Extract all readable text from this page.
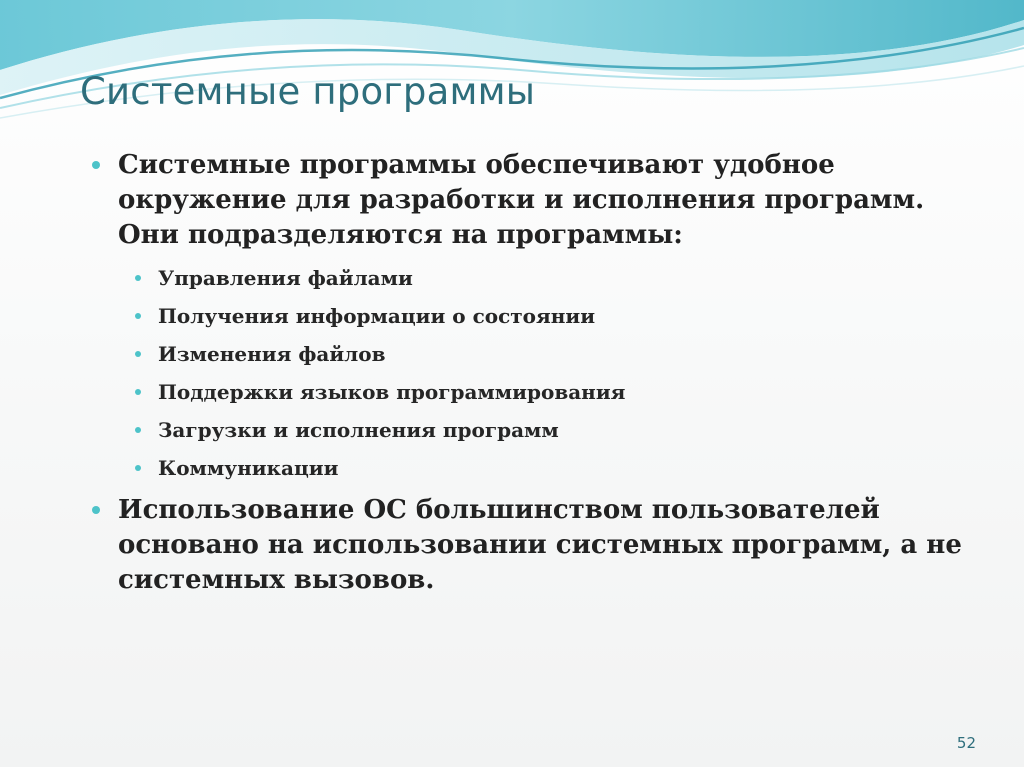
Системные программы
Системные программы обеспечивают удобное окружение для разработки и исполнения программ. Они подразделяются на программы:
Управления файлами
Получения информации о состоянии
Изменения файлов
Поддержки языков программирования
Загрузки и исполнения программ
Коммуникации
Использование ОС большинством пользователей основано на использовании системных программ, а не системных вызовов.
52
